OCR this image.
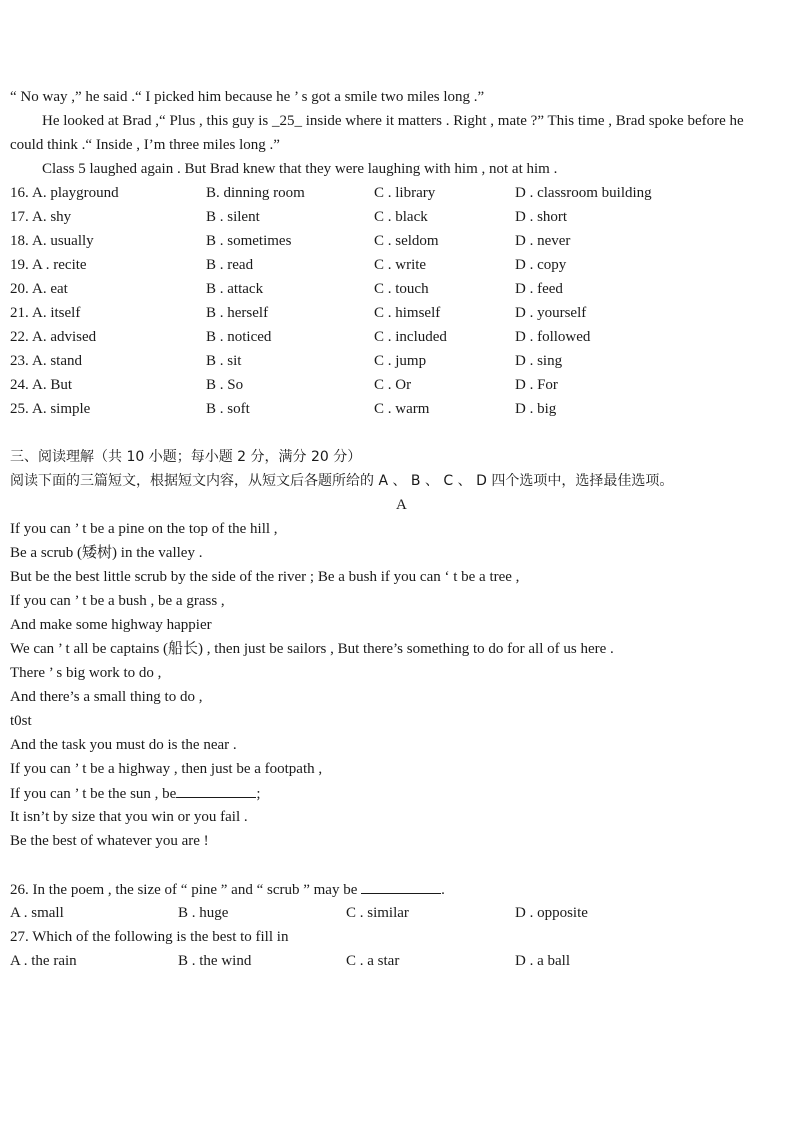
“ No way ,” he said .“ I picked him because he ’ s got a smile two miles long .”
He looked at Brad ,“ Plus , this guy is _25_ inside where it matters . Right , mate ?” This time , Brad spoke before he
could think .“ Inside , I’m three miles long .”
Class 5 laughed again . But Brad knew that they were laughing with him , not at him .
16. A. playground	B. dinning room	C . library	D . classroom building
17. A. shy	B . silent	C . black	D . short
18. A. usually	B . sometimes	C . seldom	D . never
19. A . recite	B . read	C . write	D . copy
20. A. eat	B . attack	C . touch	D . feed
21. A. itself	B . herself	C . himself	D . yourself
22. A. advised	B . noticed	C . included	D . followed
23. A. stand	B . sit	C . jump	D . sing
24. A. But	B . So	C . Or	D . For
25. A. simple	B . soft	C . warm	D . big
三、阅读理解（共 10 小题；每小题 2 分，满分 20 分）
阅读下面的三篇短文，根据短文内容，从短文后各题所给的 A 、 B 、 C 、 D 四个选项中，选择最佳选项。
A
If you can ’ t be a pine on the top of the hill ,
Be a scrub (矮树) in the valley .
But be the best little scrub by the side of the river ; Be a bush if you can ‘ t be a tree ,
If you can ’ t be a bush , be a grass ,
And make some highway happier
We can ’ t all be captains (船长) , then just be sailors , But there’s something to do for all of us here .
There ’ s big work to do ,
And there’s a small thing to do ,
t0st
And the task you must do is the near .
If you can ’ t be a highway , then just be a footpath ,
If you can ’ t be the sun , be	;
It isn’t by size that you win or you fail .
Be the best of whatever you are !
26. In the poem , the size of “ pine ” and “ scrub ” may be	.
A . small	B . huge	C . similar	D . opposite
27. Which of the following is the best to fill in
A . the rain	B . the wind	C . a star	D . a ball
